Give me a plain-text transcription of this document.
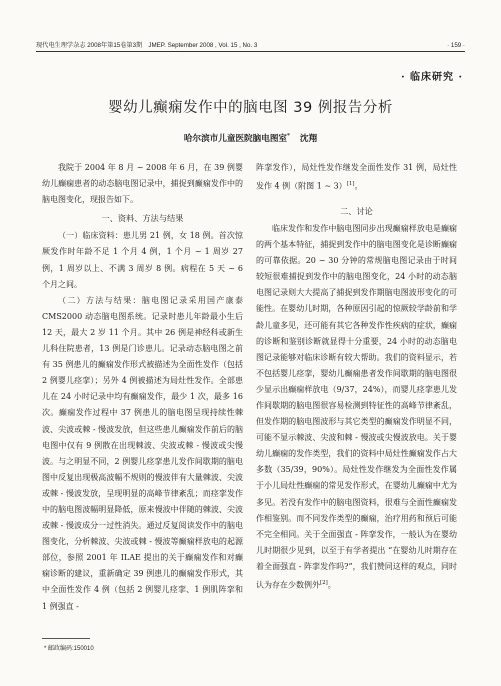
现代电生理学杂志 2008年第15卷第3期　JMEP. September 2008 , Vol. 15 , No. 3	· 159 ·
· 临床研究 ·
婴幼儿癫痫发作中的脑电图 39 例报告分析
哈尔滨市儿童医院脑电图室* 沈翔

我院于 2004 年 8 月 ~ 2008 年 6 月，在 39 例婴幼儿癫痫患者的动态脑电图记录中，捕捉到癫痫发作中的脑电图变化，现报告如下。

一、资料、方法与结果

（一）临床资料：患儿男 21 例，女 18 例。首次惊厥发作时年龄不足 1 个月 4 例，1 个月 ~ 1 周岁 27 例，1 周岁以上、不满 3 周岁 8 例。病程在 5 天 ~ 6 个月之间。

（二）方法与结果：脑电图记录采用国产康泰 CMS2000 动态脑电图系统。记录时患儿年龄最小生后 12 天，最大 2 岁 11 个月。其中 26 例是神经科或新生儿科住院患者，13 例是门诊患儿。记录动态脑电图之前有 35 例患儿的癫痫发作形式被描述为全面性发作（包括 2 例婴儿痉挛）；另外 4 例被描述为局灶性发作。全部患儿在 24 小时记录中均有癫痫发作，最少 1 次，最多 16 次。癫痫发作过程中 37 例患儿的脑电图呈现持续性棘波、尖波或棘 - 慢波发放，但这些患儿癫痫发作前后的脑电图中仅有 9 例散在出现棘波、尖波或棘 - 慢波或尖慢波。与之明显不同，2 例婴儿痉挛患儿发作间歇期的脑电图中反复出现极高波幅不规则的慢波伴有大量棘波、尖波或棘 - 慢波发放，呈现明显的高峰节律紊乱；而痉挛发作中的脑电图波幅明显降低，原来慢波中伴随的棘波、尖波或棘 - 慢波成分一过性消失。通过反复阅读发作中的脑电图变化，分析棘波、尖波或棘 - 慢波等癫痫样放电的起源部位，参照 2001 年 ILAE 提出的关于癫痫发作和对癫痫诊断的建议，重新确定 39 例患儿的癫痫发作形式，其中全面性发作 4 例（包括 2 例婴儿痉挛、1 例肌阵挛和 1 例强直 -

阵挛发作），局灶性发作继发全面性发作 31 例，局灶性发作 4 例（附图 1 ~ 3）[1]。

二、讨论

临床发作和发作中脑电图同步出现癫痫样放电是癫痫的两个基本特征，捕捉到发作中的脑电图变化是诊断癫痫的可靠依据。20 ~ 30 分钟的常规脑电图记录由于时间较短很难捕捉到发作中的脑电图变化，24 小时的动态脑电图记录则大大提高了捕捉到发作期脑电图波形变化的可能性。在婴幼儿时期，各种原因引起的惊厥较学龄前和学龄儿童多见，还可能有其它各种发作性疾病的症状，癫痫的诊断和鉴别诊断就显得十分重要，24 小时的动态脑电图记录能够对临床诊断有较大帮助。我们的资料显示，若不包括婴儿痉挛，婴幼儿癫痫患者发作间歇期的脑电图很少显示出癫痫样放电（9/37，24%），而婴儿痉挛患儿发作间歇期的脑电图很容易检测到特征性的高峰节律紊乱，但发作期的脑电图波形与其它类型的癫痫发作明显不同，可能不显示棘波、尖波和棘 - 慢波或尖慢波放电。关于婴幼儿癫痫的发作类型，我们的资料中局灶性癫痫发作占大多数（35/39，90%）。局灶性发作继发为全面性发作属于小儿局灶性癫痫的常见发作形式，在婴幼儿癫痫中尤为多见。若没有发作中的脑电图资料，很难与全面性癫痫发作相鉴别。而不同发作类型的癫痫，治疗用药和预后可能不完全相同。关于全面强直 - 阵挛发作，一般认为在婴幼儿时期很少见到，以至于有学者提出 “在婴幼儿时期存在着全面强直 - 阵挛发作吗?”，我们赞同这样的观点，同时认为存在少数例外[2]。

* 邮政编码:150010
